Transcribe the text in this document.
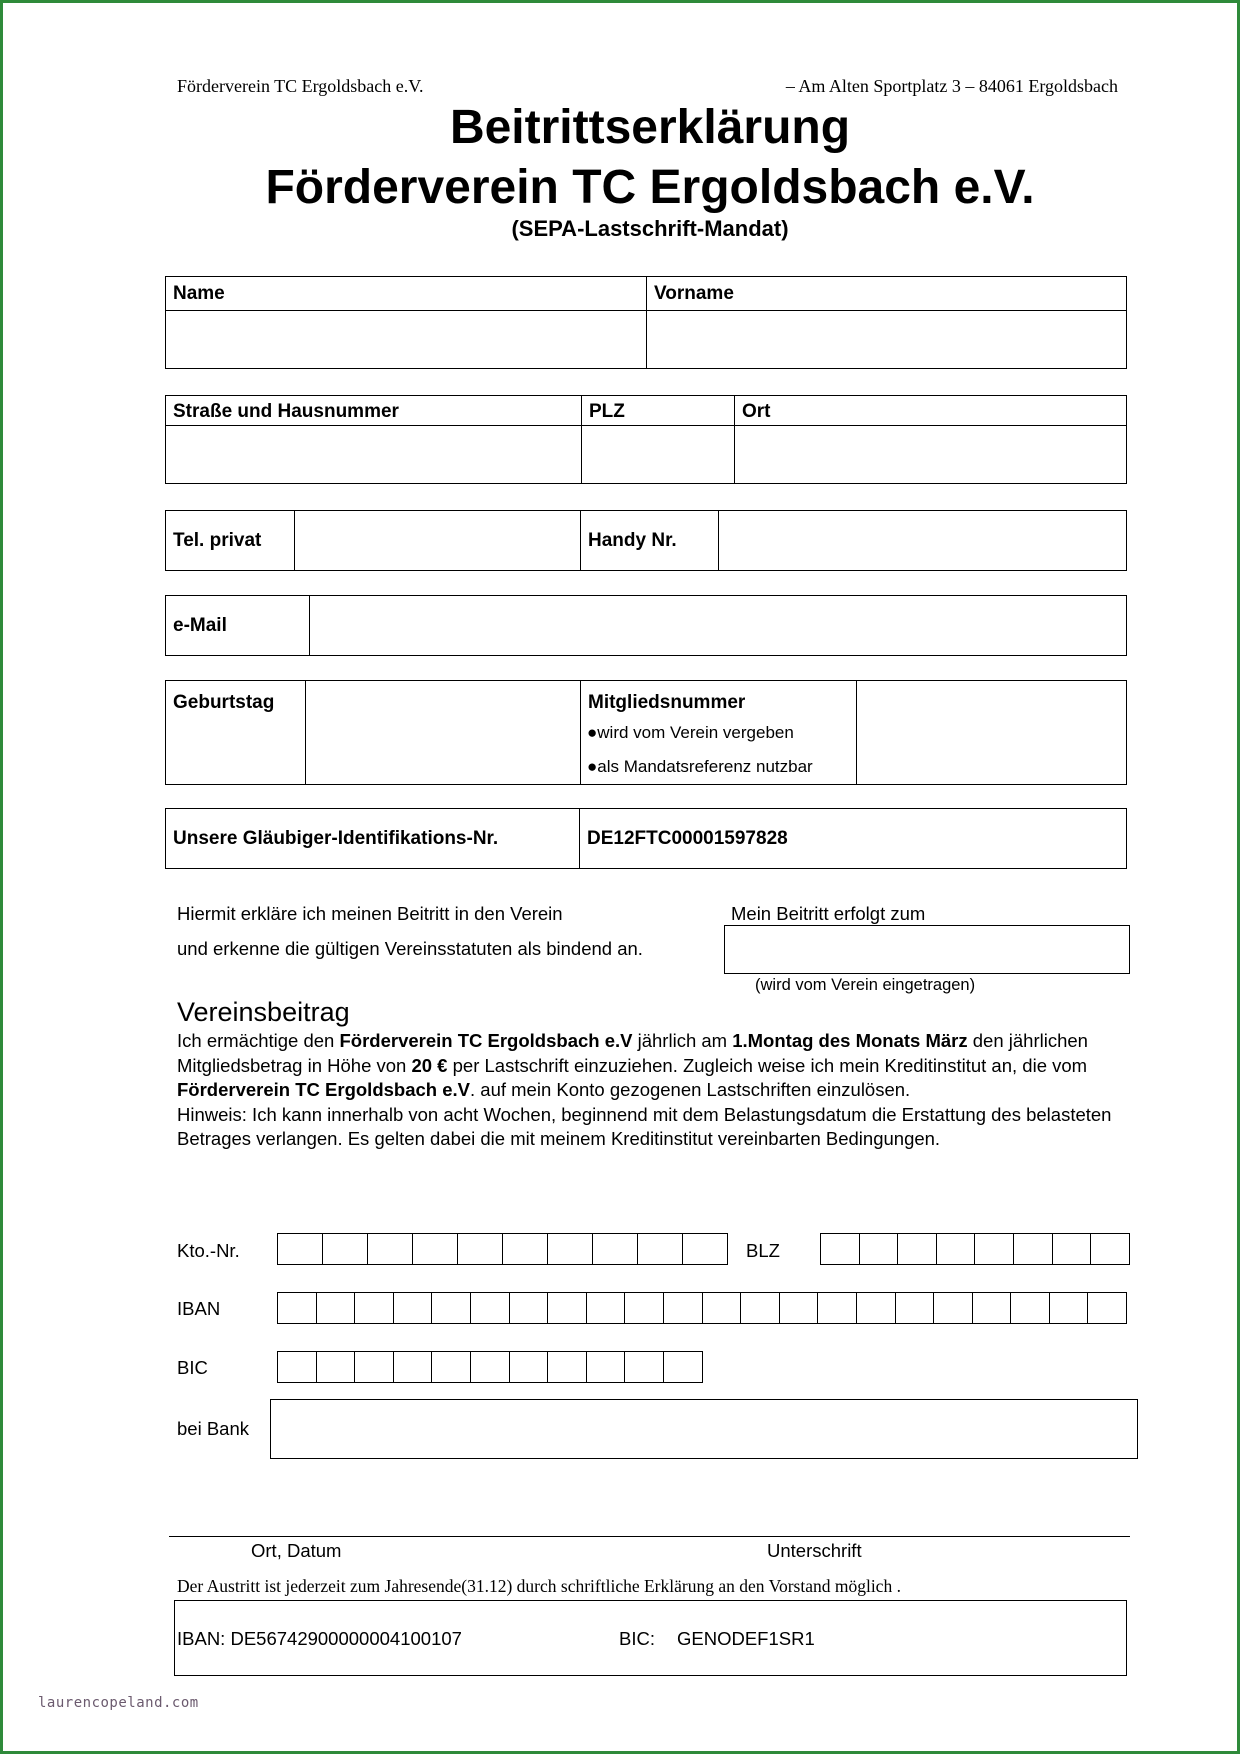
Förderverein TC Ergoldsbach e.V.	– Am Alten Sportplatz 3 – 84061 Ergoldsbach
Beitrittserklärung
Förderverein TC Ergoldsbach e.V.
(SEPA-Lastschrift-Mandat)
Name	Vorname

Straße und Hausnummer	PLZ	Ort

Tel. privat		Handy Nr.

e-Mail

Geburtstag		Mitgliedsnummer
●wird vom Verein vergeben
●als Mandatsreferenz nutzbar

Unsere Gläubiger-Identifikations-Nr.	DE12FTC00001597828
Hiermit erkläre ich meinen Beitritt in den Verein
und erkenne die gültigen Vereinsstatuten als bindend an.
Mein Beitritt erfolgt zum
(wird vom Verein eingetragen)
Vereinsbeitrag
Ich ermächtige den Förderverein TC Ergoldsbach e.V jährlich am 1.Montag des Monats März den jährlichen Mitgliedsbetrag in Höhe von 20 € per Lastschrift einzuziehen. Zugleich weise ich mein Kreditinstitut an, die vom Förderverein TC Ergoldsbach e.V. auf mein Konto gezogenen Lastschriften einzulösen.
Hinweis: Ich kann innerhalb von acht Wochen, beginnend mit dem Belastungsdatum die Erstattung des belasteten Betrages verlangen. Es gelten dabei die mit meinem Kreditinstitut vereinbarten Bedingungen.
Kto.-Nr.	BLZ
IBAN
BIC
bei Bank
Ort, Datum	Unterschrift
Der Austritt ist jederzeit zum Jahresende(31.12) durch schriftliche Erklärung an den Vorstand möglich .
IBAN: DE56742900000004100107	BIC: GENODEF1SR1
laurencopeland.com
